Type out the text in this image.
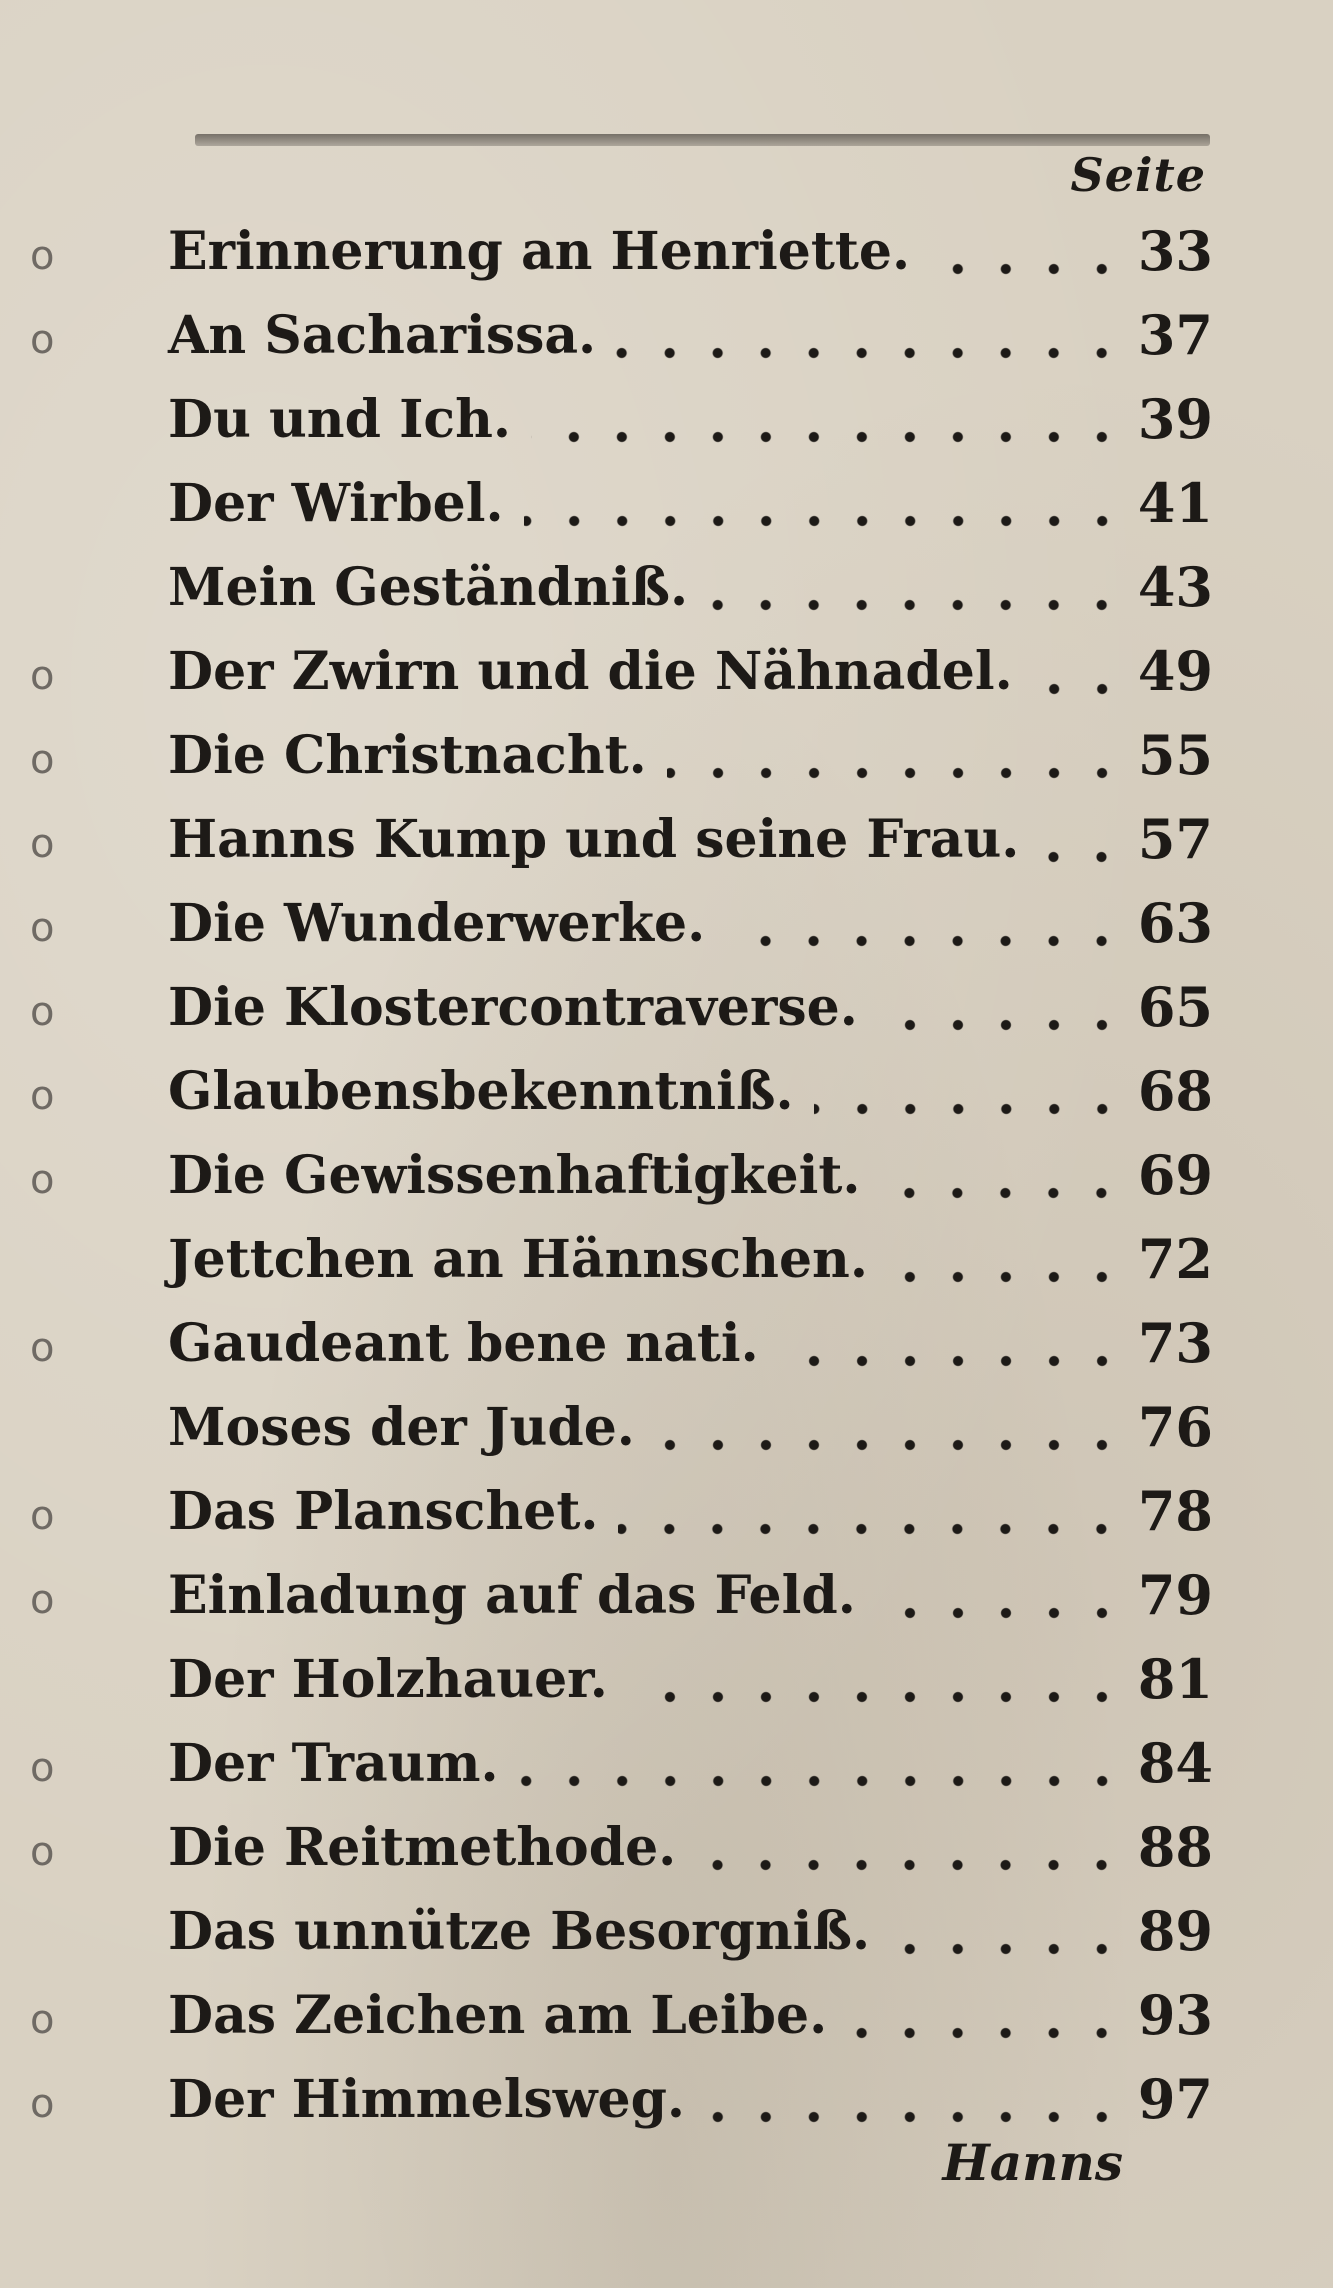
Seite
o Erinnerung an Henriette.	33
o An Sacharissa.	37
Du und Ich.	39
Der Wirbel.	41
Mein Geständniß.	43
o Der Zwirn und die Nähnadel. 49
o Die Christnacht.	55
o Hanns Kump und seine Frau. 57
o Die Wunderwerke.	63
o Die Klostercontraverse.	65
o Glaubensbekenntniß.	68
o Die Gewissenhaftigkeit.	69
Jettchen an Hännschen.	72
o Gaudeant bene nati.	73
Moses der Jude.	76
o Das Planschet.	78
o Einladung auf das Feld.	79
Der Holzhauer.	81
o Der Traum.	84
o Die Reitmethode.	88
Das unnütze Besorgniß.	89
o Das Zeichen am Leibe.	93
o Der Himmelsweg.	97
Hanns
